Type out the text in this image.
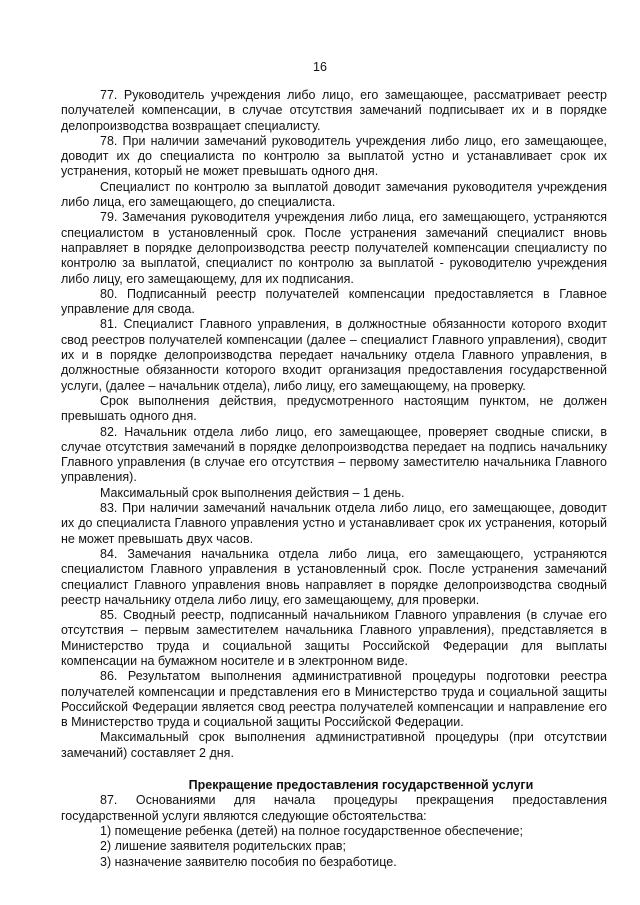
16

77. Руководитель учреждения либо лицо, его замещающее, рассматривает реестр получателей компенсации, в случае отсутствия замечаний подписывает их и в порядке делопроизводства возвращает специалисту.

78. При наличии замечаний руководитель учреждения либо лицо, его замещающее, доводит их до специалиста по контролю за выплатой устно и устанавливает срок их устранения, который не может превышать одного дня.

Специалист по контролю за выплатой доводит замечания руководителя учреждения либо лица, его замещающего, до специалиста.

79. Замечания руководителя учреждения либо лица, его замещающего, устраняются специалистом в установленный срок. После устранения замечаний специалист вновь направляет в порядке делопроизводства реестр получателей компенсации специалисту по контролю за выплатой, специалист по контролю за выплатой - руководителю учреждения либо лицу, его замещающему, для их подписания.

80. Подписанный реестр получателей компенсации предоставляется в Главное управление для свода.

81. Специалист Главного управления, в должностные обязанности которого входит свод реестров получателей компенсации (далее – специалист Главного управления), сводит их и в порядке делопроизводства передает начальнику отдела Главного управления, в должностные обязанности которого входит организация предоставления государственной услуги, (далее – начальник отдела), либо лицу, его замещающему, на проверку.

Срок выполнения действия, предусмотренного настоящим пунктом, не должен превышать одного дня.

82. Начальник отдела либо лицо, его замещающее, проверяет сводные списки, в случае отсутствия замечаний в порядке делопроизводства передает на подпись начальнику Главного управления (в случае его отсутствия – первому заместителю начальника Главного управления).

Максимальный срок выполнения действия – 1 день.

83. При наличии замечаний начальник отдела либо лицо, его замещающее, доводит их до специалиста Главного управления устно и устанавливает срок их устранения, который не может превышать двух часов.

84. Замечания начальника отдела либо лица, его замещающего, устраняются специалистом Главного управления в установленный срок. После устранения замечаний специалист Главного управления вновь направляет в порядке делопроизводства сводный реестр начальнику отдела либо лицу, его замещающему, для проверки.

85. Сводный реестр, подписанный начальником Главного управления (в случае его отсутствия – первым заместителем начальника Главного управления), представляется в Министерство труда и социальной защиты Российской Федерации для выплаты компенсации на бумажном носителе и в электронном виде.

86. Результатом выполнения административной процедуры подготовки реестра получателей компенсации и представления его в Министерство труда и социальной защиты Российской Федерации является свод реестра получателей компенсации и направление его в Министерство труда и социальной защиты Российской Федерации.

Максимальный срок выполнения административной процедуры (при отсутствии замечаний) составляет 2 дня.

Прекращение предоставления государственной услуги

87. Основаниями для начала процедуры прекращения предоставления государственной услуги являются следующие обстоятельства:

1) помещение ребенка (детей) на полное государственное обеспечение;

2) лишение заявителя родительских прав;

3) назначение заявителю пособия по безработице.
